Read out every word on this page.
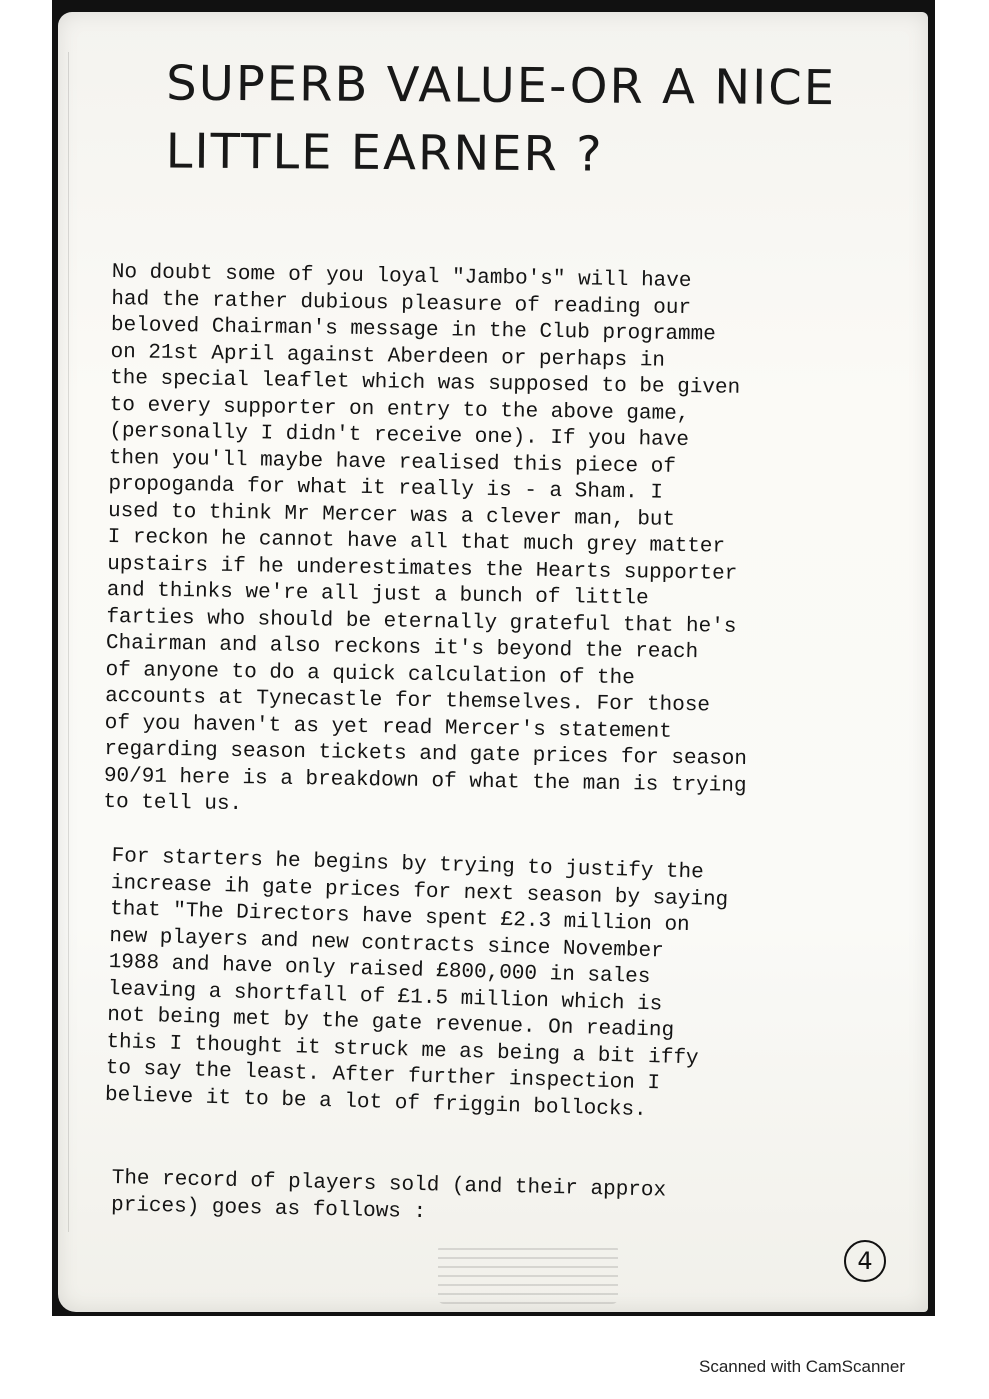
SUPERB VALUE-OR A NICE
LITTLE EARNER ?
No doubt some of you loyal "Jambo's" will have
had the rather dubious pleasure of reading our
beloved Chairman's message in the Club programme
on 21st April against Aberdeen or perhaps in
the special leaflet which was supposed to be given
to every supporter on entry to the above game,
(personally I didn't receive one). If you have
then you'll maybe have realised this piece of
propoganda for what it really is - a Sham. I
used to think Mr Mercer was a clever man, but
I reckon he cannot have all that much grey matter
upstairs if he underestimates the Hearts supporter
and thinks we're all just a bunch of little
farties who should be eternally grateful that he's
Chairman and also reckons it's beyond the reach
of anyone to do a quick calculation of the
accounts at Tynecastle for themselves. For those
of you haven't as yet read Mercer's statement
regarding season tickets and gate prices for season
90/91 here is a breakdown of what the man is trying
to tell us.
For starters he begins by trying to justify the
increase ih gate prices for next season by saying
that "The Directors have spent £2.3 million on
new players and new contracts since November
1988 and have only raised £800,000 in sales
leaving a shortfall of £1.5 million which is
not being met by the gate revenue. On reading
this I thought it struck me as being a bit iffy
to say the least. After further inspection I
believe it to be a lot of friggin bollocks.
The record of players sold (and their approx
prices) goes as follows :
4
Scanned with CamScanner
